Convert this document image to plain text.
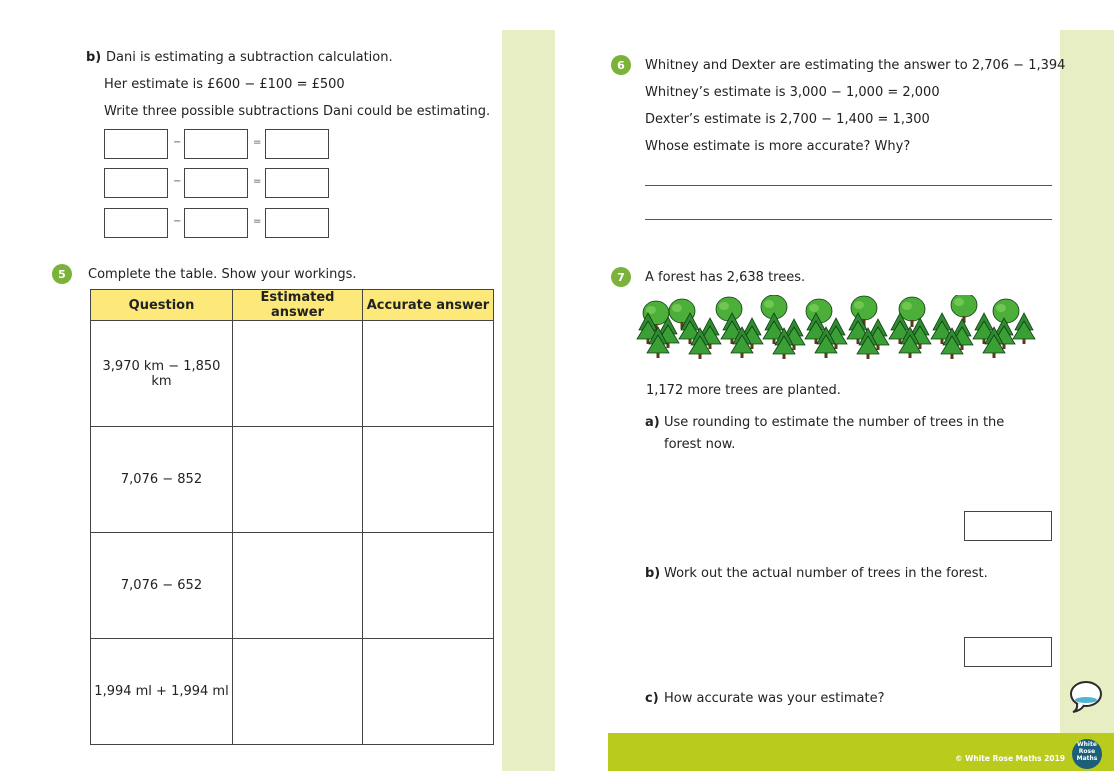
b) Dani is estimating a subtraction calculation.
Her estimate is £600 − £100 = £500
Write three possible subtractions Dani could be estimating.
−	=
−	=
−	=
5	Complete the table. Show your workings.
Question	Estimated answer	Accurate answer
3,970 km − 1,850 km		
7,076 − 852		
7,076 − 652		
1,994 ml + 1,994 ml		
6	Whitney and Dexter are estimating the answer to 2,706 − 1,394
Whitney’s estimate is 3,000 − 1,000 = 2,000
Dexter’s estimate is 2,700 − 1,400 = 1,300
Whose estimate is more accurate? Why?
7	A forest has 2,638 trees.
1,172 more trees are planted.
a) Use rounding to estimate the number of trees in the
forest now.
b) Work out the actual number of trees in the forest.
c) How accurate was your estimate?
© White Rose Maths 2019
White
Rose
Maths
